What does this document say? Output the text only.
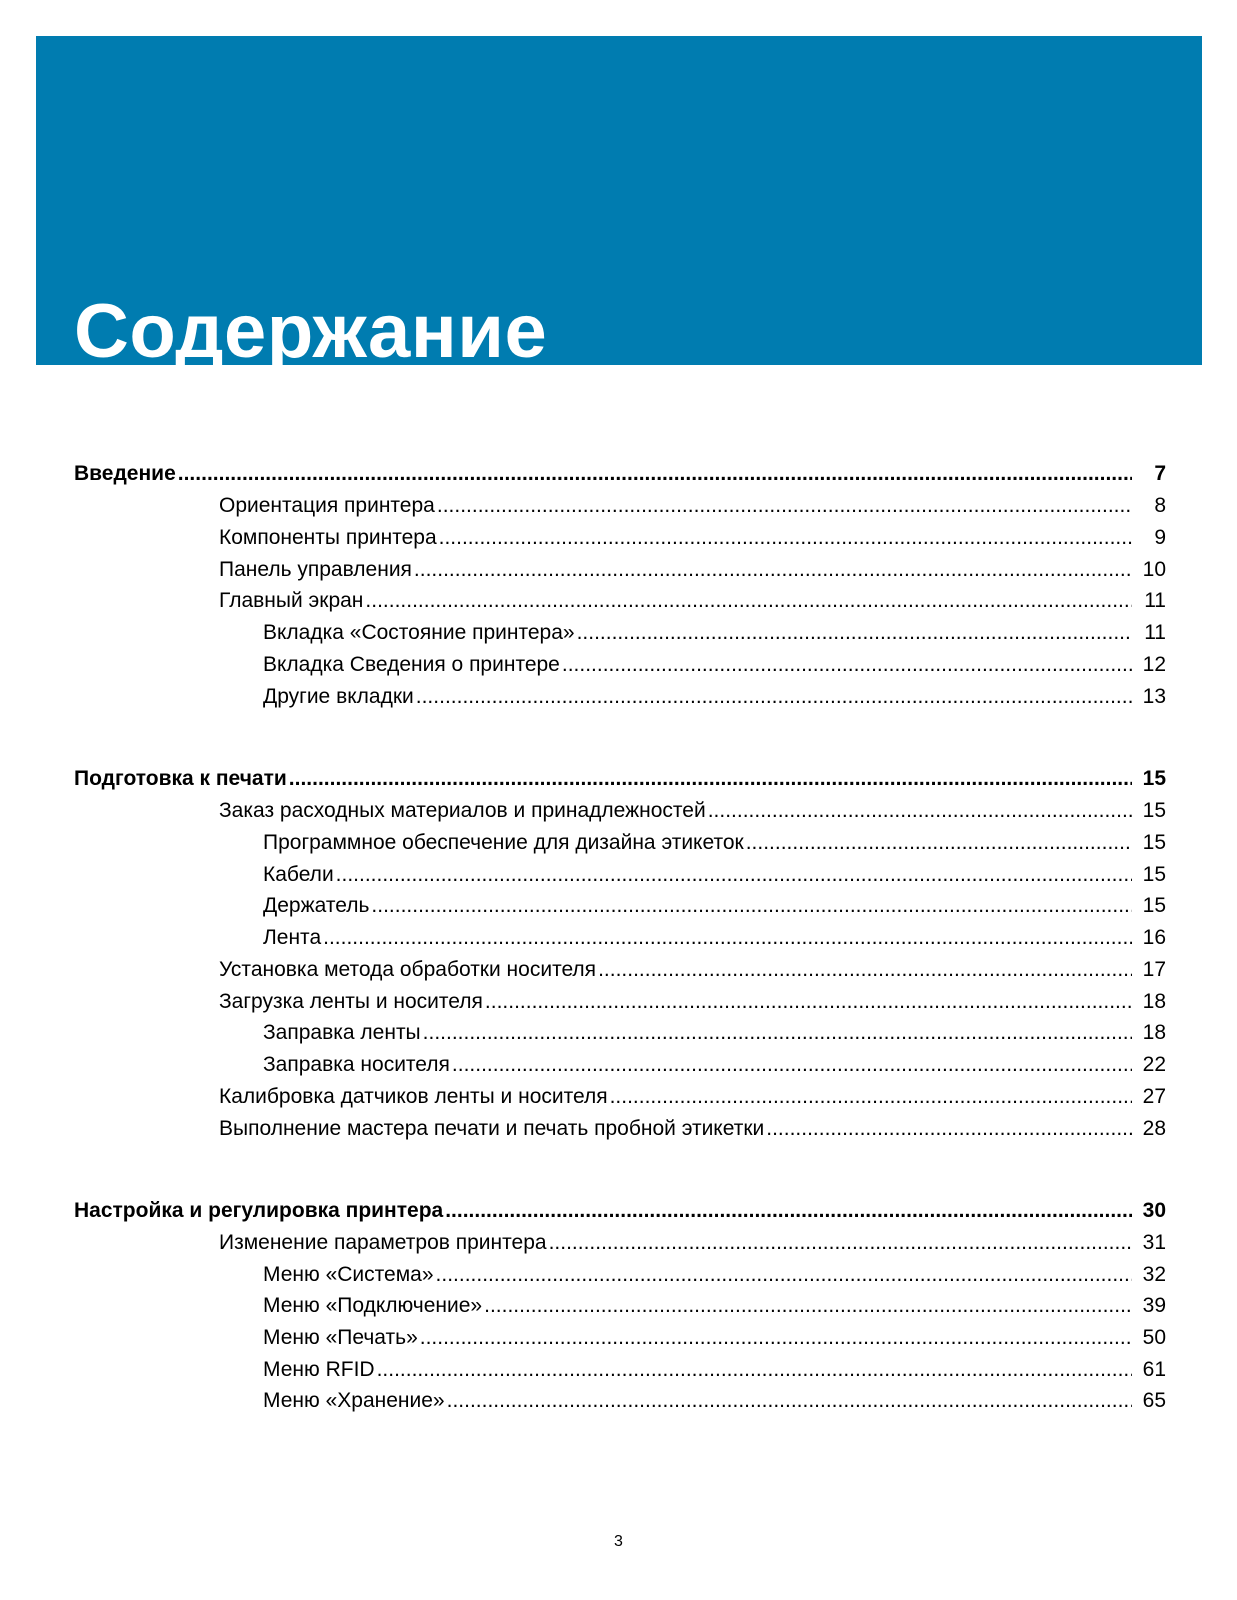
Содержание
Введение .....	7
Ориентация принтера .....	8
Компоненты принтера .....	9
Панель управления .....	10
Главный экран .....	11
Вкладка «Состояние принтера» .....	11
Вкладка Сведения о принтере .....	12
Другие вкладки .....	13
Подготовка к печати .....	15
Заказ расходных материалов и принадлежностей .....	15
Программное обеспечение для дизайна этикеток .....	15
Кабели .....	15
Держатель .....	15
Лента .....	16
Установка метода обработки носителя .....	17
Загрузка ленты и носителя .....	18
Заправка ленты .....	18
Заправка носителя .....	22
Калибровка датчиков ленты и носителя .....	27
Выполнение мастера печати и печать пробной этикетки .....	28
Настройка и регулировка принтера .....	30
Изменение параметров принтера .....	31
Меню «Система» .....	32
Меню «Подключение» .....	39
Меню «Печать» .....	50
Меню RFID .....	61
Меню «Хранение» .....	65
3
